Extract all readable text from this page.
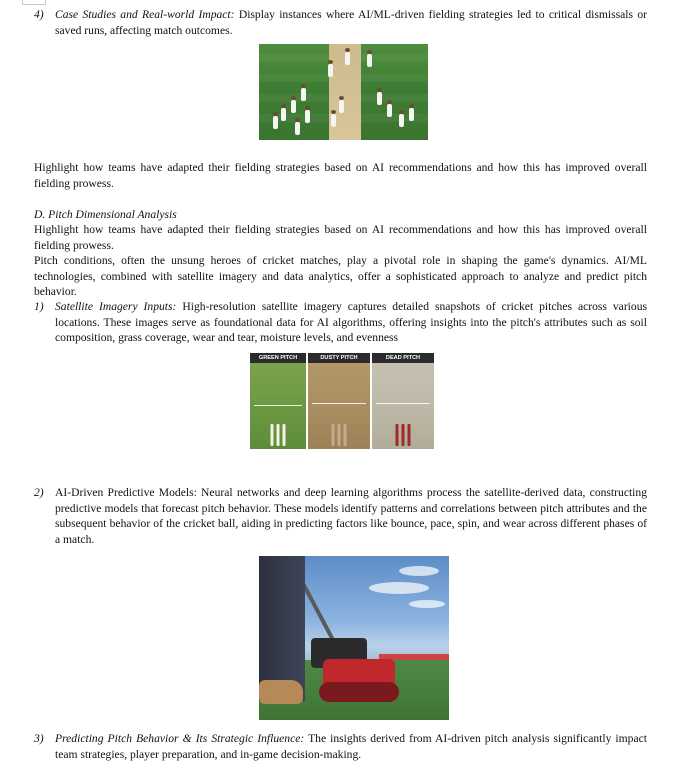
4) Case Studies and Real-world Impact: Display instances where AI/ML-driven fielding strategies led to critical dismissals or saved runs, affecting match outcomes.
Highlight how teams have adapted their fielding strategies based on AI recommendations and how this has improved overall fielding prowess.
D. Pitch Dimensional Analysis
Highlight how teams have adapted their fielding strategies based on AI recommendations and how this has improved overall fielding prowess.
Pitch conditions, often the unsung heroes of cricket matches, play a pivotal role in shaping the game's dynamics. AI/ML technologies, combined with satellite imagery and data analytics, offer a sophisticated approach to analyze and predict pitch behavior.
1) Satellite Imagery Inputs: High-resolution satellite imagery captures detailed snapshots of cricket pitches across various locations. These images serve as foundational data for AI algorithms, offering insights into the pitch's attributes such as soil composition, grass coverage, wear and tear, moisture levels, and evenness
GREEN PITCH	DUSTY PITCH	DEAD PITCH
2) AI-Driven Predictive Models: Neural networks and deep learning algorithms process the satellite-derived data, constructing predictive models that forecast pitch behavior. These models identify patterns and correlations between pitch attributes and the subsequent behavior of the cricket ball, aiding in predicting factors like bounce, pace, spin, and wear across different phases of a match.
3) Predicting Pitch Behavior & Its Strategic Influence: The insights derived from AI-driven pitch analysis significantly impact team strategies, player preparation, and in-game decision-making.
